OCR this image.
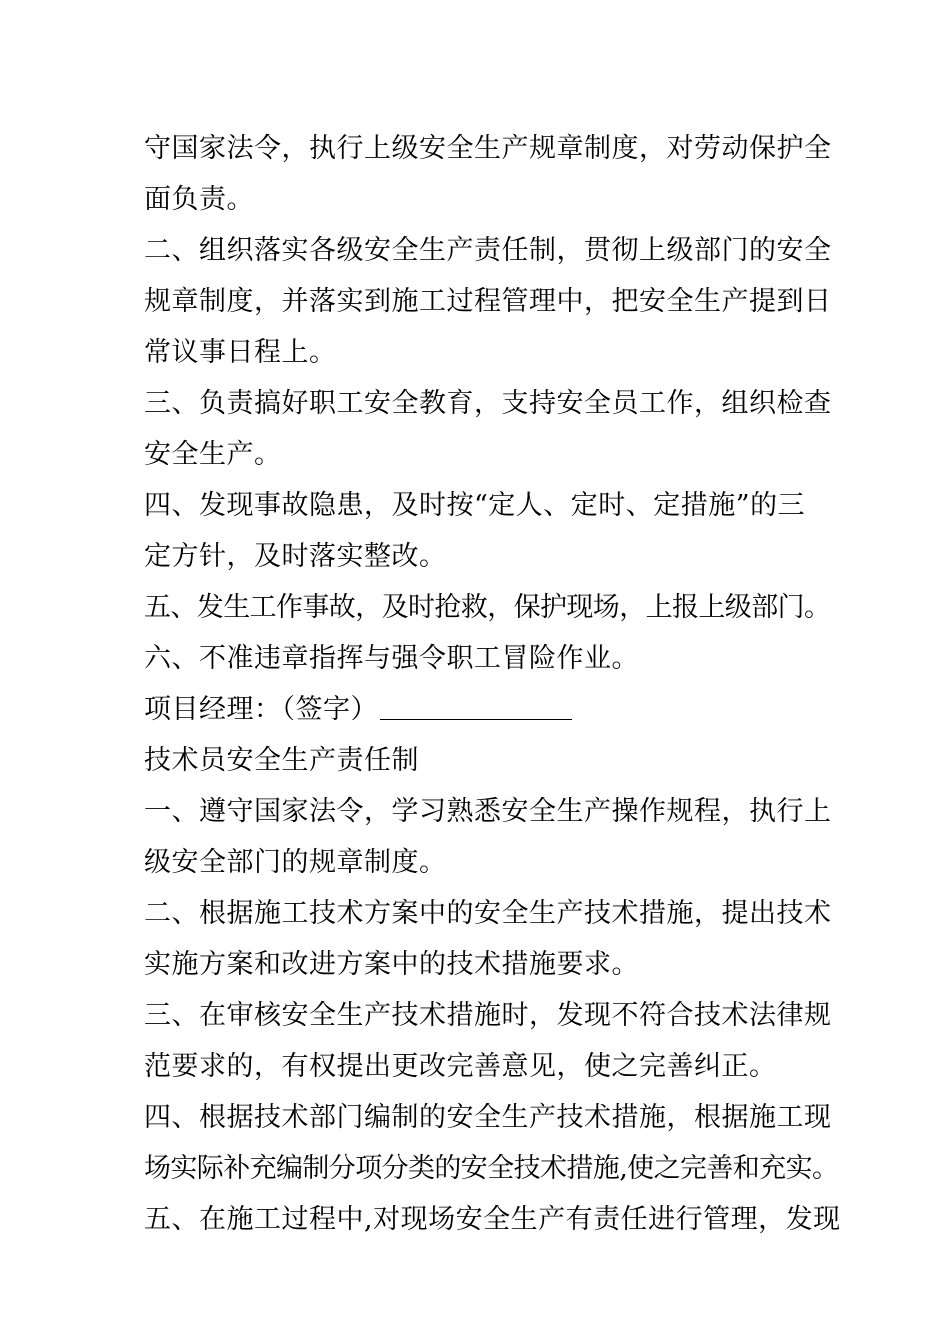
守国家法令，执行上级安全生产规章制度，对劳动保护全
面负责。
二、组织落实各级安全生产责任制，贯彻上级部门的安全
规章制度，并落实到施工过程管理中，把安全生产提到日
常议事日程上。
三、负责搞好职工安全教育，支持安全员工作，组织检查
安全生产。
四、发现事故隐患，及时按“定人、定时、定措施”的三
定方针，及时落实整改。
五、发生工作事故，及时抢救，保护现场，上报上级部门。
六、不准违章指挥与强令职工冒险作业。
项目经理：（签字）
技术员安全生产责任制
一、遵守国家法令，学习熟悉安全生产操作规程，执行上
级安全部门的规章制度。
二、根据施工技术方案中的安全生产技术措施，提出技术
实施方案和改进方案中的技术措施要求。
三、在审核安全生产技术措施时，发现不符合技术法律规
范要求的，有权提出更改完善意见，使之完善纠正。
四、根据技术部门编制的安全生产技术措施，根据施工现
场实际补充编制分项分类的安全技术措施,使之完善和充实。
五、在施工过程中,对现场安全生产有责任进行管理，发现
